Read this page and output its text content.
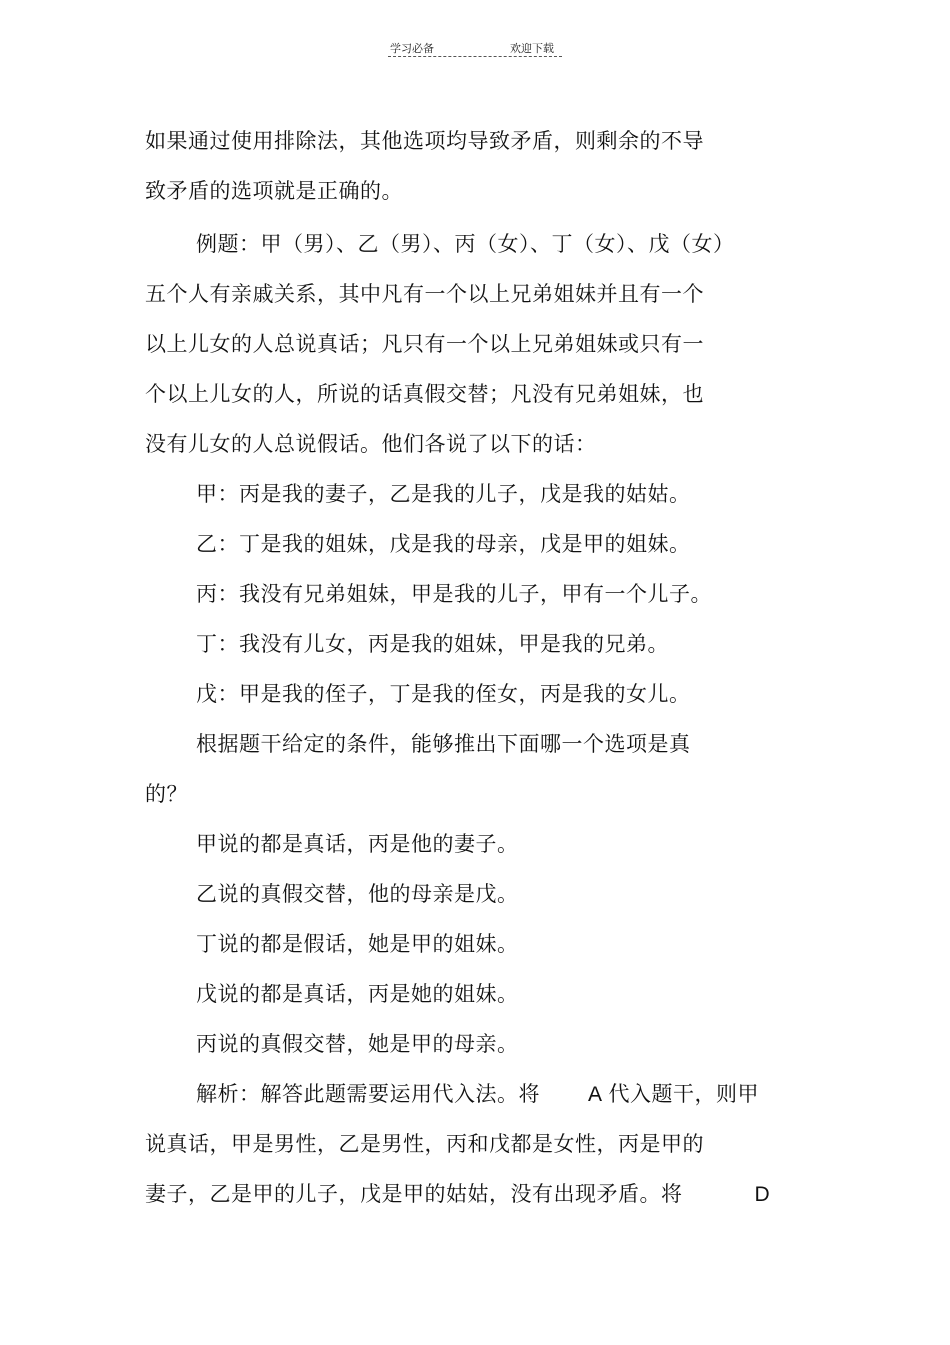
学习必备	欢迎下载
如果通过使用排除法，其他选项均导致矛盾，则剩余的不导
致矛盾的选项就是正确的。
例题：甲（男）、乙（男）、丙（女）、丁（女）、戊（女）
五个人有亲戚关系，其中凡有一个以上兄弟姐妹并且有一个
以上儿女的人总说真话；凡只有一个以上兄弟姐妹或只有一
个以上儿女的人，所说的话真假交替；凡没有兄弟姐妹，也
没有儿女的人总说假话。他们各说了以下的话：
甲：丙是我的妻子，乙是我的儿子，戊是我的姑姑。
乙：丁是我的姐妹，戊是我的母亲，戊是甲的姐妹。
丙：我没有兄弟姐妹，甲是我的儿子，甲有一个儿子。
丁：我没有儿女，丙是我的姐妹，甲是我的兄弟。
戊：甲是我的侄子，丁是我的侄女，丙是我的女儿。
根据题干给定的条件，能够推出下面哪一个选项是真
的？
甲说的都是真话，丙是他的妻子。
乙说的真假交替，他的母亲是戊。
丁说的都是假话，她是甲的姐妹。
戊说的都是真话，丙是她的姐妹。
丙说的真假交替，她是甲的母亲。
解析：解答此题需要运用代入法。将 A 代入题干，则甲
说真话，甲是男性，乙是男性，丙和戊都是女性，丙是甲的
妻子，乙是甲的儿子，戊是甲的姑姑，没有出现矛盾。将	D
